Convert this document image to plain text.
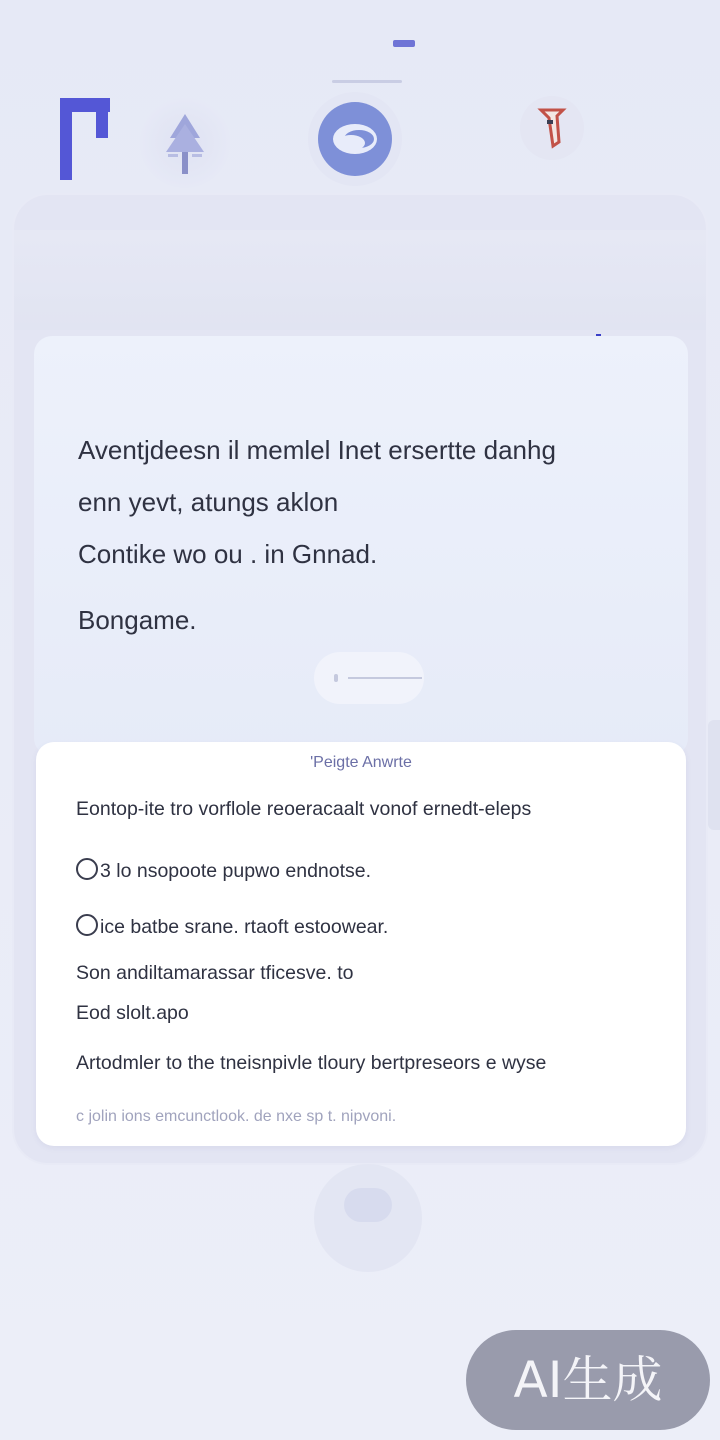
Aventjdeesn il memlel Inet ersertte danhg
enn yevt, atungs aklon
Contike wo ou . in Gnnad.
Bongame.
'Peigte Anwrte
Eontop-ite tro vorflole reoeracaalt vonof ernedt-eleps
3 lo nsopoote pupwo endnotse.
ice batbe srane. rtaoft estoowear.
Son andiltamarassar tficesve. to
Eod slolt.apo
Artodmler to the tneisnpivle tloury bertpreseors e wyse
c jolin ions emcunctlook. de nxe sp t. nipvoni.
AI生成
